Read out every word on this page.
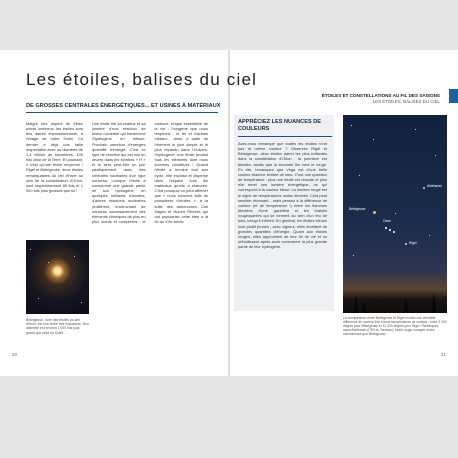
Les étoiles, balises du ciel
DE GROSSES CENTRALES ÉNERGÉTIQUES... ET USINES À MATÉRIAUX

Malgré leur aspect de frêles points lumineux, les étoiles sont des astres impressionnants, à l'image de notre Soleil. Ce dernier a déjà une taille respectable avec un diamètre de 1,4 million de kilomètres, 109 fois celui de la Terre. Et pourtant, il n'est qu'une étoile moyenne ! Rigel et Bételgeuse, deux étoiles remarquables du ciel d'hiver au sein de la constellation d'Orion, sont respectivement 80 fois et 1 000 fois plus grosses que lui !

Une étoile tire sa chaleur et sa lumière d'une réaction de fusion nucléaire qui transforme l'hydrogène en hélium. Prochain carrefour d'énergies quantifié d'énergie. C'est ce type de réaction qui est mis en œuvre dans les bombes « H » et le sera peut-être un jour pacifiquement dans des centrales nucléaires d'un type nouveau. Lorsque l'étoile a consommé une grande partie de son hydrogène, en quelques milliards d'années, d'autres réactions nucléaires prolifèrent, enclenchant de nouveau successivement des éléments chimiques de plus en plus lourds et complexes : le carbone, brique essentielle de la vie ; l'oxygène que nous respirons ; le fer et d'autres métaux... Ainsi, à partir de l'élément le plus simple et le plus répandu dans l'Univers, l'hydrogène, une étoile produit tous les éléments dont nous sommes constitués ! Quand l'étoile a terminé tout son cycle, elle explose et disperse dans l'espace tous les matériaux qu'elle a élaborés. C'est pourquoi on peut affirmer que « nous sommes faits de poussières d'étoiles », à la suite des astronomes Carl Sagan et Hubert Reeves qui ont popularisé cette idée à la fin du XXe siècle.

Bételgeuse, l'une des étoiles du ciel d'hiver, est une étoile très imposante. Son diamètre est environ 1 000 fois plus grand que celui du Soleil.

20
ÉTOILES ET CONSTELLATIONS AU FIL DES SAISONS
LES ÉTOILES, BALISES DU CIEL
APPRÉCIEZ LES NUANCES DE COULEURS

Avez-vous remarqué que toutes les étoiles n'ont pas la même couleur ? Observez Rigel et Bételgeuse, deux étoiles parmi les plus brillantes dans la constellation d'Orion : la première est bleutée, tandis que la seconde tire vers le rouge. En été, remarquez que Véga est d'une belle couleur blanche teintée de bleu. C'est une question de température : plus une étoile est chaude et plus elle émet une lumière énergétique, ce qui correspond à la couleur bleue. La lumière rouge est le signe de températures moins élevées. Cela peut sembler étonnant... mais pensez à la différence de couleur (et de température !) entre les flammes bleutées d'une gazinière et les braises rougeoyantes qui se forment au sein d'un feu de bois, lorsqu'il s'éteint. En général, les étoiles bleues sont plutôt jeunes : avec vigueur, elles émettent de grandes quantités d'énergie. Quant aux étoiles rouges, elles approchent de leur fin de vie et se refroidissent après avoir consommé la plus grande partie de leur hydrogène.

Aldébaran
Bételgeuse
Rigel
Orion

La comparaison entre Bételgeuse et Rigel montre une véritable différence de couleur liée à leurs températures de surface : entre 3 000 degrés pour Bételgeuse et 12 000 degrés pour Rigel. Remarquez aussi Aldébaran (l'Œil du Taureau), étoile rouge orangée moins volumineuse que Bételgeuse.

21
